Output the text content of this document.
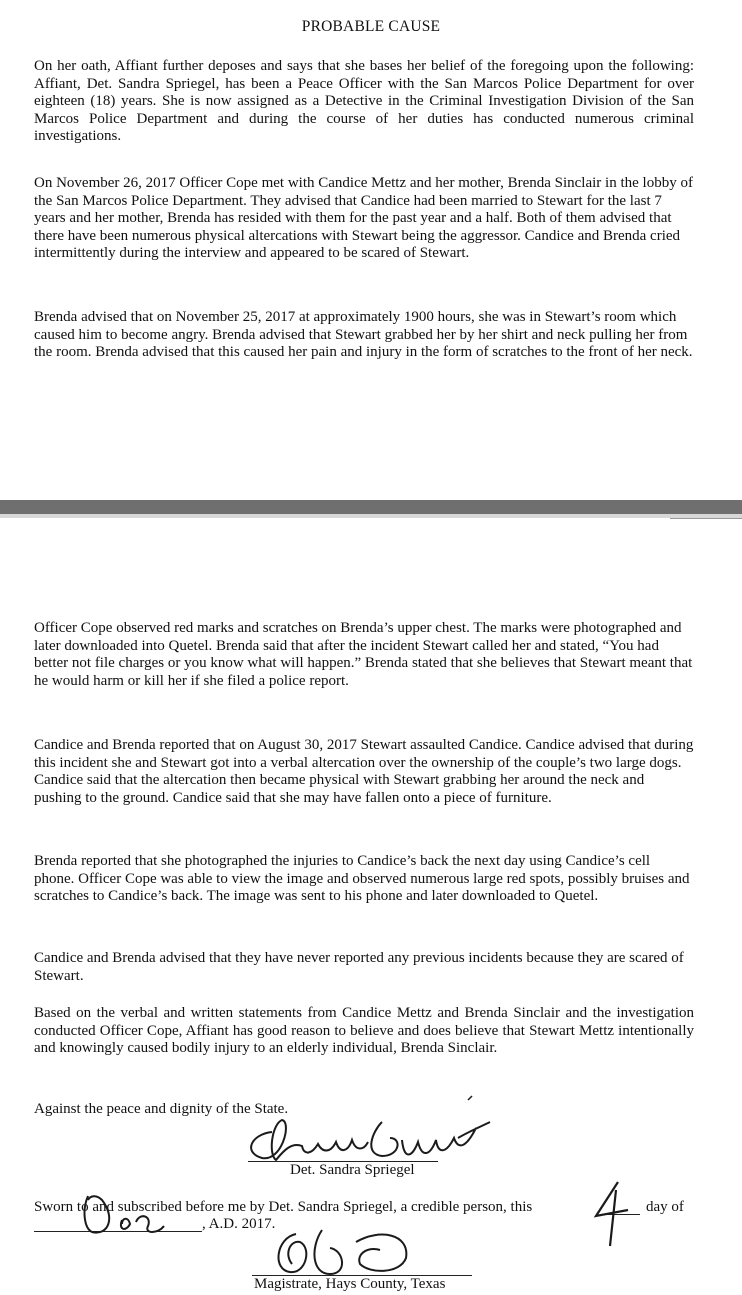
PROBABLE CAUSE

On her oath, Affiant further deposes and says that she bases her belief of the foregoing upon the following: Affiant, Det. Sandra Spriegel, has been a Peace Officer with the San Marcos Police Department for over eighteen (18) years. She is now assigned as a Detective in the Criminal Investigation Division of the San Marcos Police Department and during the course of her duties has conducted numerous criminal investigations.

On November 26, 2017 Officer Cope met with Candice Mettz and her mother, Brenda Sinclair in the lobby of the San Marcos Police Department. They advised that Candice had been married to Stewart for the last 7 years and her mother, Brenda has resided with them for the past year and a half. Both of them advised that there have been numerous physical altercations with Stewart being the aggressor. Candice and Brenda cried intermittently during the interview and appeared to be scared of Stewart.

Brenda advised that on November 25, 2017 at approximately 1900 hours, she was in Stewart’s room which caused him to become angry. Brenda advised that Stewart grabbed her by her shirt and neck pulling her from the room. Brenda advised that this caused her pain and injury in the form of scratches to the front of her neck.

Officer Cope observed red marks and scratches on Brenda’s upper chest. The marks were photographed and later downloaded into Quetel. Brenda said that after the incident Stewart called her and stated, “You had better not file charges or you know what will happen.” Brenda stated that she believes that Stewart meant that he would harm or kill her if she filed a police report.

Candice and Brenda reported that on August 30, 2017 Stewart assaulted Candice. Candice advised that during this incident she and Stewart got into a verbal altercation over the ownership of the couple’s two large dogs. Candice said that the altercation then became physical with Stewart grabbing her around the neck and pushing to the ground. Candice said that she may have fallen onto a piece of furniture.

Brenda reported that she photographed the injuries to Candice’s back the next day using Candice’s cell phone. Officer Cope was able to view the image and observed numerous large red spots, possibly bruises and scratches to Candice’s back. The image was sent to his phone and later downloaded to Quetel.

Candice and Brenda advised that they have never reported any previous incidents because they are scared of Stewart.

Based on the verbal and written statements from Candice Mettz and Brenda Sinclair and the investigation conducted Officer Cope, Affiant has good reason to believe and does believe that Stewart Mettz intentionally and knowingly caused bodily injury to an elderly individual, Brenda Sinclair.

Against the peace and dignity of the State.
Det. Sandra Spriegel
Sworn to and subscribed before me by Det. Sandra Spriegel, a credible person, this	day of
, A.D. 2017.
Magistrate, Hays County, Texas
